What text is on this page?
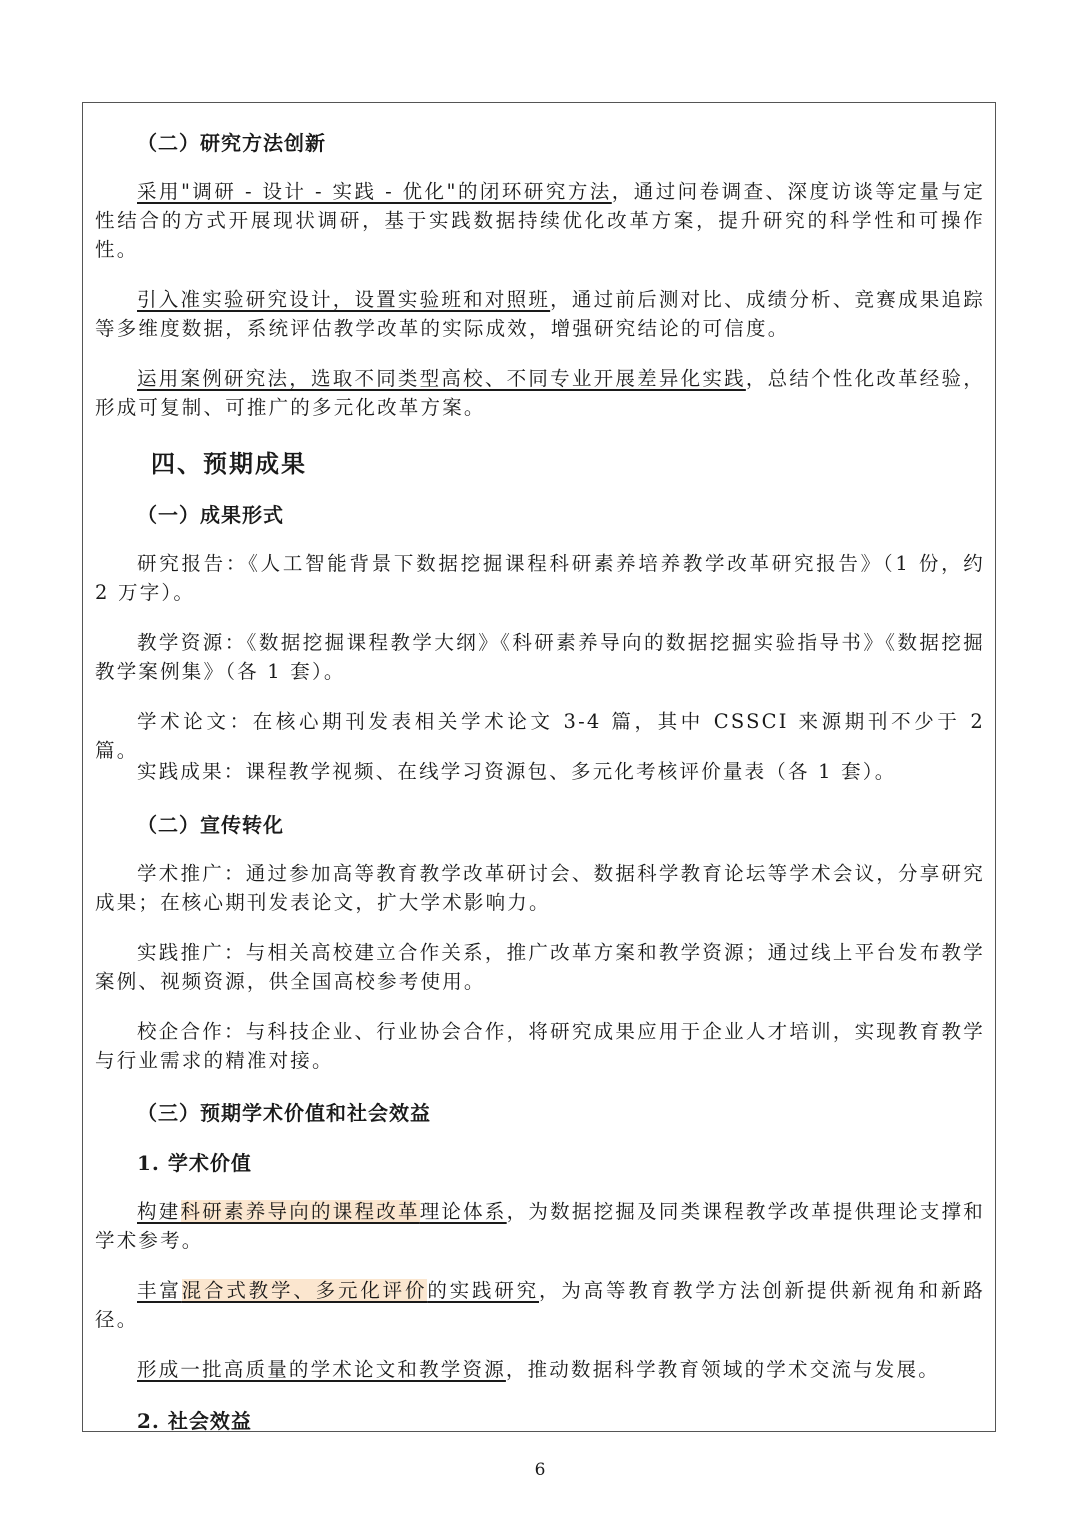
（二）研究方法创新

采用"调研 - 设计 - 实践 - 优化"的闭环研究方法，通过问卷调查、深度访谈等定量与定性结合的方式开展现状调研，基于实践数据持续优化改革方案，提升研究的科学性和可操作性。

引入准实验研究设计，设置实验班和对照班，通过前后测对比、成绩分析、竞赛成果追踪等多维度数据，系统评估教学改革的实际成效，增强研究结论的可信度。

运用案例研究法，选取不同类型高校、不同专业开展差异化实践，总结个性化改革经验，形成可复制、可推广的多元化改革方案。

四、预期成果
（一）成果形式

研究报告：《人工智能背景下数据挖掘课程科研素养培养教学改革研究报告》（1 份，约 2 万字）。

教学资源：《数据挖掘课程教学大纲》《科研素养导向的数据挖掘实验指导书》《数据挖掘教学案例集》（各 1 套）。

学术论文：在核心期刊发表相关学术论文 3-4 篇，其中 CSSCI 来源期刊不少于 2 篇。

实践成果：课程教学视频、在线学习资源包、多元化考核评价量表（各 1 套）。

（二）宣传转化

学术推广：通过参加高等教育教学改革研讨会、数据科学教育论坛等学术会议，分享研究成果；在核心期刊发表论文，扩大学术影响力。

实践推广：与相关高校建立合作关系，推广改革方案和教学资源；通过线上平台发布教学案例、视频资源，供全国高校参考使用。

校企合作：与科技企业、行业协会合作，将研究成果应用于企业人才培训，实现教育教学与行业需求的精准对接。

（三）预期学术价值和社会效益
1. 学术价值

构建科研素养导向的课程改革理论体系，为数据挖掘及同类课程教学改革提供理论支撑和学术参考。

丰富混合式教学、多元化评价的实践研究，为高等教育教学方法创新提供新视角和新路径。

形成一批高质量的学术论文和教学资源，推动数据科学教育领域的学术交流与发展。

2. 社会效益
6
